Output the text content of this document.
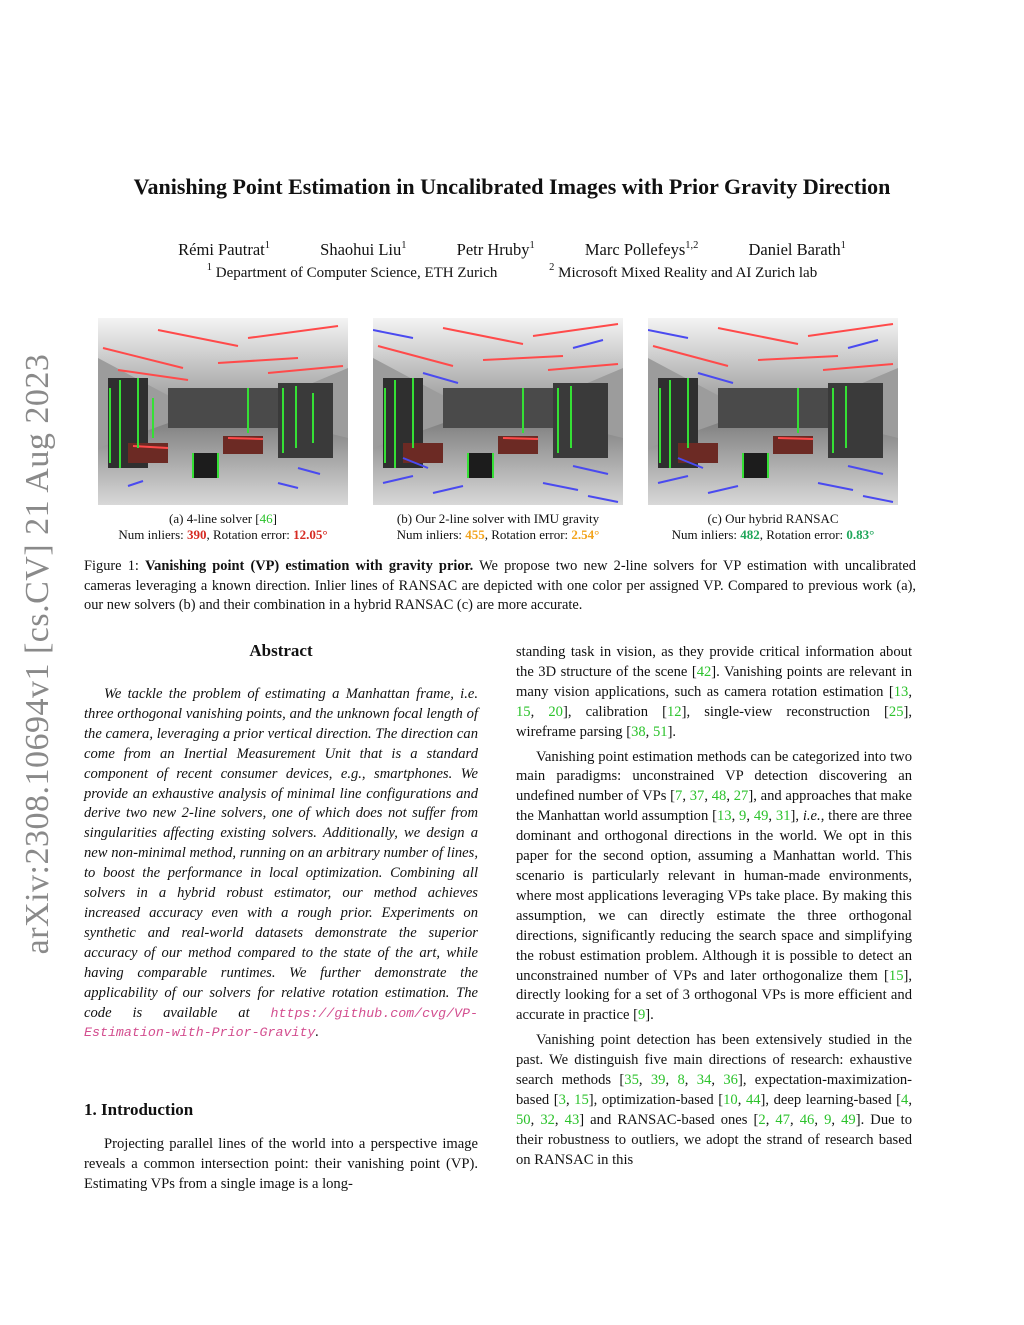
arXiv:2308.10694v1 [cs.CV] 21 Aug 2023
Vanishing Point Estimation in Uncalibrated Images with Prior Gravity Direction
Rémi Pautrat$^1$	Shaohui Liu$^1$	Petr Hruby$^1$	Marc Pollefeys$^{1,2}$	Daniel Barath$^1$
$^1$ Department of Computer Science, ETH Zurich	$^2$ Microsoft Mixed Reality and AI Zurich lab
(a) 4-line solver [46]
Num inliers: 390, Rotation error: 12.05°
(b) Our 2-line solver with IMU gravity
Num inliers: 455, Rotation error: 2.54°
(c) Our hybrid RANSAC
Num inliers: 482, Rotation error: 0.83°
Figure 1: Vanishing point (VP) estimation with gravity prior. We propose two new 2-line solvers for VP estimation with uncalibrated cameras leveraging a known direction. Inlier lines of RANSAC are depicted with one color per assigned VP. Compared to previous work (a), our new solvers (b) and their combination in a hybrid RANSAC (c) are more accurate.
Abstract

We tackle the problem of estimating a Manhattan frame, i.e. three orthogonal vanishing points, and the unknown focal length of the camera, leveraging a prior vertical direction. The direction can come from an Inertial Measurement Unit that is a standard component of recent consumer devices, e.g., smartphones. We provide an exhaustive analysis of minimal line configurations and derive two new 2-line solvers, one of which does not suffer from singularities affecting existing solvers. Additionally, we design a new non-minimal method, running on an arbitrary number of lines, to boost the performance in local optimization. Combining all solvers in a hybrid robust estimator, our method achieves increased accuracy even with a rough prior. Experiments on synthetic and real-world datasets demonstrate the superior accuracy of our method compared to the state of the art, while having comparable runtimes. We further demonstrate the applicability of our solvers for relative rotation estimation. The code is available at https://github.com/cvg/VP-Estimation-with-Prior-Gravity.

1. Introduction

Projecting parallel lines of the world into a perspective image reveals a common intersection point: their vanishing point (VP). Estimating VPs from a single image is a long-

standing task in vision, as they provide critical information about the 3D structure of the scene [42]. Vanishing points are relevant in many vision applications, such as camera rotation estimation [13, 15, 20], calibration [12], single-view reconstruction [25], wireframe parsing [38, 51].

Vanishing point estimation methods can be categorized into two main paradigms: unconstrained VP detection discovering an undefined number of VPs [7, 37, 48, 27], and approaches that make the Manhattan world assumption [13, 9, 49, 31], i.e., there are three dominant and orthogonal directions in the world. We opt in this paper for the second option, assuming a Manhattan world. This scenario is particularly relevant in human-made environments, where most applications leveraging VPs take place. By making this assumption, we can directly estimate the three orthogonal directions, significantly reducing the search space and simplifying the robust estimation problem. Although it is possible to detect an unconstrained number of VPs and later orthogonalize them [15], directly looking for a set of 3 orthogonal VPs is more efficient and accurate in practice [9].

Vanishing point detection has been extensively studied in the past. We distinguish five main directions of research: exhaustive search methods [35, 39, 8, 34, 36], expectation-maximization-based [3, 15], optimization-based [10, 44], deep learning-based [4, 50, 32, 43] and RANSAC-based ones [2, 47, 46, 9, 49]. Due to their robustness to outliers, we adopt the strand of research based on RANSAC in this
